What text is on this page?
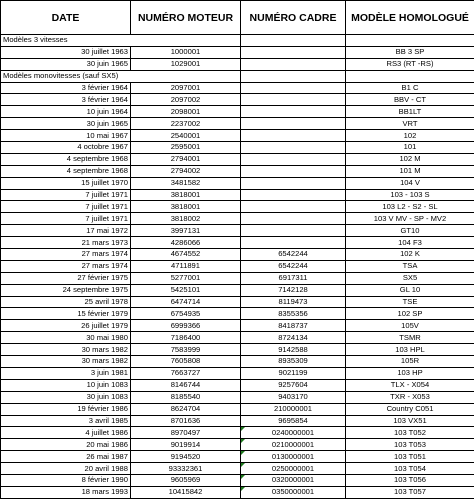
DATE	NUMÉRO MOTEUR	NUMÉRO CADRE	MODÈLE HOMOLOGUÉ
Modèles 3 vitesses			
30 juillet 1963	1000001		BB 3 SP
30 juin 1965	1029001		RS3 (RT -RS)
Modèles monovitesses (sauf SX5)			
3 février 1964	2097001		B1 C
3 février 1964	2097002		BBV - CT
10 juin 1964	2098001		BB1LT
30 juin 1965	2237002		VRT
10 mai 1967	2540001		102
4 octobre 1967	2595001		101
4 septembre 1968	2794001		102 M
4 septembre 1968	2794002		101 M
15 juillet 1970	3481582		104 V
7 juillet 1971	3818001		103 - 103 S
7 juillet 1971	3818001		103 L2 - S2 - SL
7 juillet 1971	3818002		103 V MV - SP - MV2
17 mai 1972	3997131		GT10
21 mars 1973	4286066		104 F3
27 mars 1974	4674552	6542244	102 K
27 mars 1974	4711891	6542244	TSA
27 février 1975	5277001	6917311	SX5
24 septembre 1975	5425101	7142128	GL 10
25 avril 1978	6474714	8119473	TSE
15 février 1979	6754935	8355356	102 SP
26 juillet 1979	6999366	8418737	105V
30 mai 1980	7186400	8724134	TSMR
30 mars 1982	7583999	9142588	103 HPL
30 mars 1982	7605808	8935309	105R
3 juin 1981	7663727	9021199	103 HP
10 juin 1083	8146744	9257604	TLX - X054
30 juin 1083	8185540	9403170	TXR - X053
19 février 1986	8624704	210000001	Country C051
3 avril 1985	8701636	9695854	103 VX51
4 juillet 1986	8970497	0240000001	103 T052
20 mai 1986	9019914	0210000001	103 T053
26 mai 1987	9194520	0130000001	103 T051
20 avril 1988	93332361	0250000001	103 T054
8 février 1990	9605969	0320000001	103 T056
18 mars 1993	10415842	0350000001	103 T057
